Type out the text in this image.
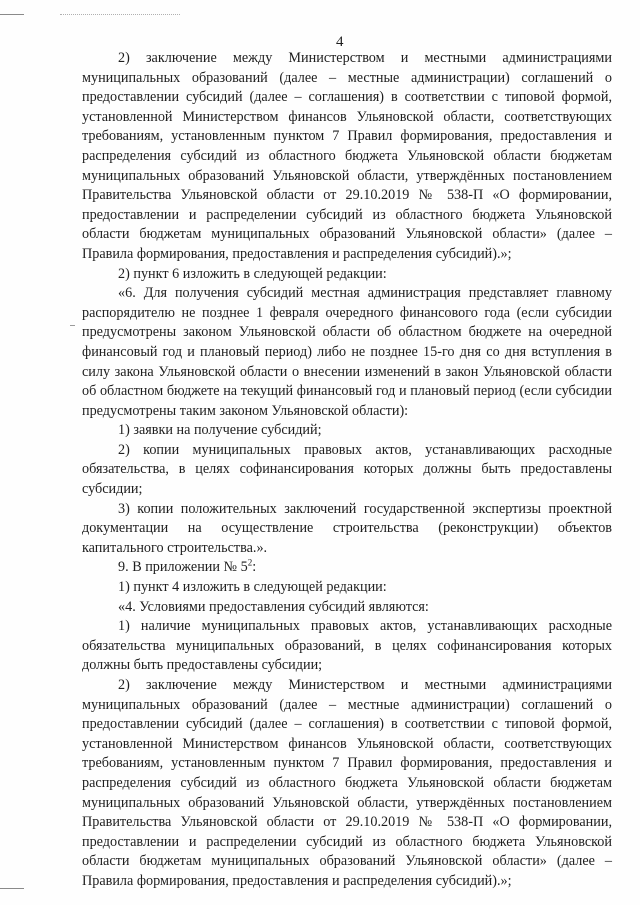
4

2) заключение между Министерством и местными администрациями муниципальных образований (далее – местные администрации) соглашений о предоставлении субсидий (далее – соглашения) в соответствии с типовой формой, установленной Министерством финансов Ульяновской области, соответствующих требованиям, установленным пунктом 7 Правил формирования, предоставления и распределения субсидий из областного бюджета Ульяновской области бюджетам муниципальных образований Ульяновской области, утверждённых постановлением Правительства Ульяновской области от 29.10.2019 № 538-П «О формировании, предоставлении и распределении субсидий из областного бюджета Ульяновской области бюджетам муниципальных образований Ульяновской области» (далее – Правила формирования, предоставления и распределения субсидий).»;

2) пункт 6 изложить в следующей редакции:

«6. Для получения субсидий местная администрация представляет главному распорядителю не позднее 1 февраля очередного финансового года (если субсидии предусмотрены законом Ульяновской области об областном бюджете на очередной финансовый год и плановый период) либо не позднее 15-го дня со дня вступления в силу закона Ульяновской области о внесении изменений в закон Ульяновской области об областном бюджете на текущий финансовый год и плановый период (если субсидии предусмотрены таким законом Ульяновской области):

1) заявки на получение субсидий;

2) копии муниципальных правовых актов, устанавливающих расходные обязательства, в целях софинансирования которых должны быть предоставлены субсидии;

3) копии положительных заключений государственной экспертизы проектной документации на осуществление строительства (реконструкции) объектов капитального строительства.».

9. В приложении № $5^2$:

1) пункт 4 изложить в следующей редакции:

«4. Условиями предоставления субсидий являются:

1) наличие муниципальных правовых актов, устанавливающих расходные обязательства муниципальных образований, в целях софинансирования которых должны быть предоставлены субсидии;

2) заключение между Министерством и местными администрациями муниципальных образований (далее – местные администрации) соглашений о предоставлении субсидий (далее – соглашения) в соответствии с типовой формой, установленной Министерством финансов Ульяновской области, соответствующих требованиям, установленным пунктом 7 Правил формирования, предоставления и распределения субсидий из областного бюджета Ульяновской области бюджетам муниципальных образований Ульяновской области, утверждённых постановлением Правительства Ульяновской области от 29.10.2019 № 538-П «О формировании, предоставлении и распределении субсидий из областного бюджета Ульяновской области бюджетам муниципальных образований Ульяновской области» (далее – Правила формирования, предоставления и распределения субсидий).»;
